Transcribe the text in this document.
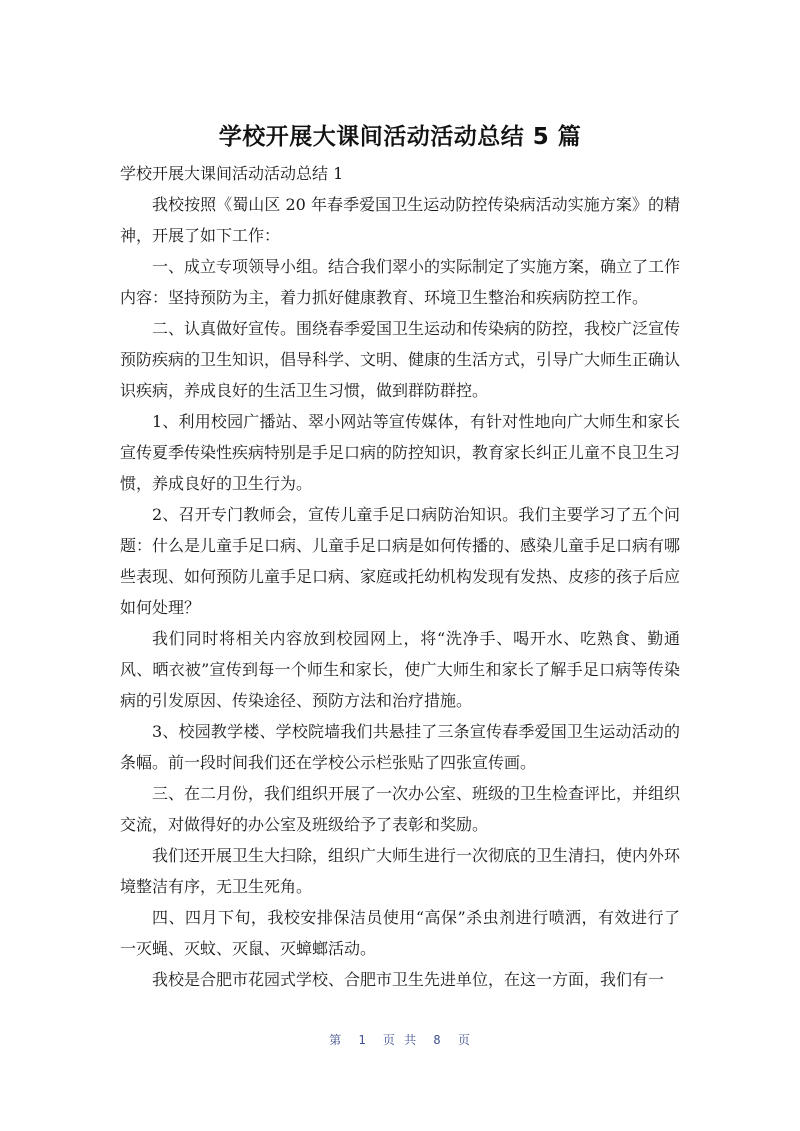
学校开展大课间活动活动总结 5 篇

学校开展大课间活动活动总结 1

我校按照《蜀山区 20 年春季爱国卫生运动防控传染病活动实施方案》的精神，开展了如下工作：

一、成立专项领导小组。结合我们翠小的实际制定了实施方案，确立了工作内容：坚持预防为主，着力抓好健康教育、环境卫生整治和疾病防控工作。

二、认真做好宣传。围绕春季爱国卫生运动和传染病的防控，我校广泛宣传预防疾病的卫生知识，倡导科学、文明、健康的生活方式，引导广大师生正确认识疾病，养成良好的生活卫生习惯，做到群防群控。

1、利用校园广播站、翠小网站等宣传媒体，有针对性地向广大师生和家长宣传夏季传染性疾病特别是手足口病的防控知识，教育家长纠正儿童不良卫生习惯，养成良好的卫生行为。

2、召开专门教师会，宣传儿童手足口病防治知识。我们主要学习了五个问题：什么是儿童手足口病、儿童手足口病是如何传播的、感染儿童手足口病有哪些表现、如何预防儿童手足口病、家庭或托幼机构发现有发热、皮疹的孩子后应如何处理？

我们同时将相关内容放到校园网上，将“洗净手、喝开水、吃熟食、勤通风、晒衣被”宣传到每一个师生和家长，使广大师生和家长了解手足口病等传染病的引发原因、传染途径、预防方法和治疗措施。

3、校园教学楼、学校院墙我们共悬挂了三条宣传春季爱国卫生运动活动的条幅。前一段时间我们还在学校公示栏张贴了四张宣传画。

三、在二月份，我们组织开展了一次办公室、班级的卫生检查评比，并组织交流，对做得好的办公室及班级给予了表彰和奖励。

我们还开展卫生大扫除，组织广大师生进行一次彻底的卫生清扫，使内外环境整洁有序，无卫生死角。

四、四月下旬，我校安排保洁员使用“高保”杀虫剂进行喷洒，有效进行了一灭蝇、灭蚊、灭鼠、灭蟑螂活动。

我校是合肥市花园式学校、合肥市卫生先进单位，在这一方面，我们有一

第 1 页 共 8 页
